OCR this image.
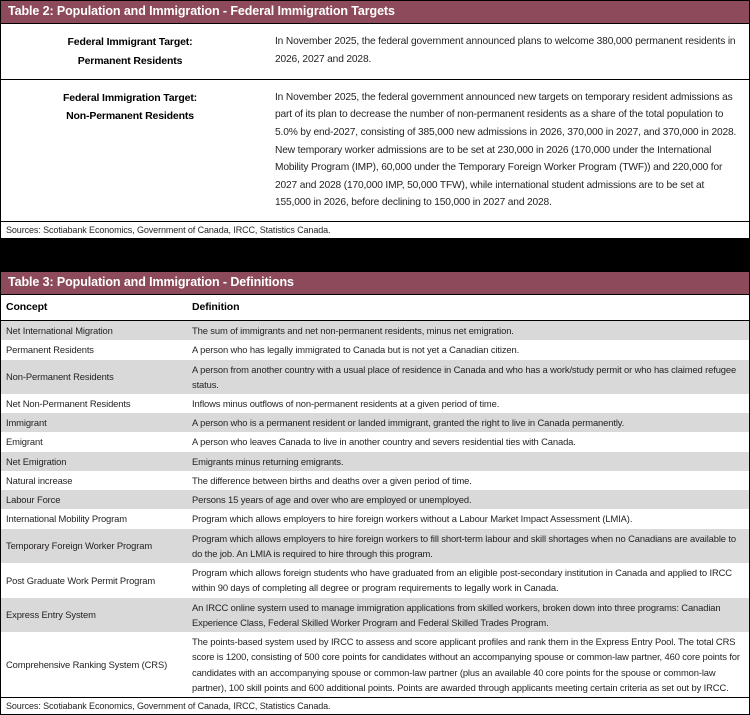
Table 2: Population and Immigration - Federal Immigration Targets
Federal Immigrant Target:
Permanent Residents	In November 2025, the federal government announced plans to welcome 380,000 permanent residents in 2026, 2027 and 2028.

Federal Immigration Target:
Non-Permanent Residents	In November 2025, the federal government announced new targets on temporary resident admissions as part of its plan to decrease the number of non-permanent residents as a share of the total population to 5.0% by end-2027, consisting of 385,000 new admissions in 2026, 370,000 in 2027, and 370,000 in 2028. New temporary worker admissions are to be set at 230,000 in 2026 (170,000 under the International Mobility Program (IMP), 60,000 under the Temporary Foreign Worker Program (TWF)) and 220,000 for 2027 and 2028 (170,000 IMP, 50,000 TFW), while international student admissions are to be set at 155,000 in 2026, before declining to 150,000 in 2027 and 2028.
Sources: Scotiabank Economics, Government of Canada, IRCC, Statistics Canada.
Table 3: Population and Immigration - Definitions
Concept	Definition
Net International Migration	The sum of immigrants and net non-permanent residents, minus net emigration.
Permanent Residents	A person who has legally immigrated to Canada but is not yet a Canadian citizen.
Non-Permanent Residents	A person from another country with a usual place of residence in Canada and who has a work/study permit or who has claimed refugee status.
Net Non-Permanent Residents	Inflows minus outflows of non-permanent residents at a given period of time.
Immigrant	A person who is a permanent resident or landed immigrant, granted the right to live in Canada permanently.
Emigrant	A person who leaves Canada to live in another country and severs residential ties with Canada.
Net Emigration	Emigrants minus returning emigrants.
Natural increase	The difference between births and deaths over a given period of time.
Labour Force	Persons 15 years of age and over who are employed or unemployed.
International Mobility Program	Program which allows employers to hire foreign workers without a Labour Market Impact Assessment (LMIA).
Temporary Foreign Worker Program	Program which allows employers to hire foreign workers to fill short-term labour and skill shortages when no Canadians are available to do the job. An LMIA is required to hire through this program.
Post Graduate Work Permit Program	Program which allows foreign students who have graduated from an eligible post-secondary institution in Canada and applied to IRCC within 90 days of completing all degree or program requirements to legally work in Canada.
Express Entry System	An IRCC online system used to manage immigration applications from skilled workers, broken down into three programs: Canadian Experience Class, Federal Skilled Worker Program and Federal Skilled Trades Program.
Comprehensive Ranking System (CRS)	The points-based system used by IRCC to assess and score applicant profiles and rank them in the Express Entry Pool. The total CRS score is 1200, consisting of 500 core points for candidates without an accompanying spouse or common-law partner, 460 core points for candidates with an accompanying spouse or common-law partner (plus an available 40 core points for the spouse or common-law partner), 100 skill points and 600 additional points. Points are awarded through applicants meeting certain criteria as set out by IRCC.
Sources: Scotiabank Economics, Government of Canada, IRCC, Statistics Canada.
